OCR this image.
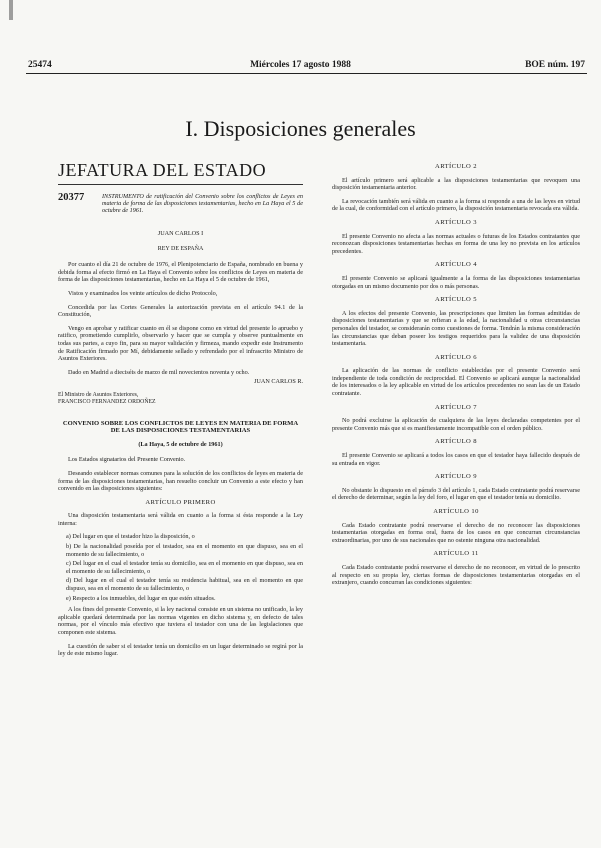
25474	Miércoles 17 agosto 1988	BOE núm. 197
I. Disposiciones generales

JEFATURA DEL ESTADO

20377	INSTRUMENTO de ratificación del Convenio sobre los conflictos de Leyes en materia de forma de las disposiciones testamentarias, hecho en La Haya el 5 de octubre de 1961.

JUAN CARLOS I

REY DE ESPAÑA

Por cuanto el día 21 de octubre de 1976, el Plenipotenciario de España, nombrado en buena y debida forma al efecto firmó en La Haya el Convenio sobre los conflictos de Leyes en materia de forma de las disposiciones testamentarias, hecho en La Haya el 5 de octubre de 1961,

Vistos y examinados los veinte artículos de dicho Protocolo,

Concedida por las Cortes Generales la autorización prevista en el artículo 94.1 de la Constitución,

Vengo en aprobar y ratificar cuanto en él se dispone como en virtud del presente lo apruebo y ratifico, prometiendo cumplirlo, observarlo y hacer que se cumpla y observe puntualmente en todas sus partes, a cuyo fin, para su mayor validación y firmeza, mando expedir este Instrumento de Ratificación firmado por Mí, debidamente sellado y refrendado por el infrascrito Ministro de Asuntos Exteriores.

Dado en Madrid a dieciséis de marzo de mil novecientos noventa y ocho.

JUAN CARLOS R.

El Ministro de Asuntos Exteriores,
FRANCISCO FERNANDEZ ORDOÑEZ

CONVENIO SOBRE LOS CONFLICTOS DE LEYES EN MATERIA DE FORMA DE LAS DISPOSICIONES TESTAMENTARIAS

(La Haya, 5 de octubre de 1961)

Los Estados signatarios del Presente Convenio.

Deseando establecer normas comunes para la solución de los conflictos de leyes en materia de forma de las disposiciones testamentarias, han resuelto concluir un Convenio a este efecto y han convenido en las disposiciones siguientes:

ARTÍCULO PRIMERO

Una disposición testamentaria será válida en cuanto a la forma si ésta responde a la Ley interna:

a) Del lugar en que el testador hizo la disposición, o

b) De la nacionalidad poseída por el testador, sea en el momento en que dispuso, sea en el momento de su fallecimiento, o

c) Del lugar en el cual el testador tenía su domicilio, sea en el momento en que dispuso, sea en el momento de su fallecimiento, o

d) Del lugar en el cual el testador tenía su residencia habitual, sea en el momento en que dispuso, sea en el momento de su fallecimiento, o

e) Respecto a los inmuebles, del lugar en que estén situados.

A los fines del presente Convenio, si la ley nacional consiste en un sistema no unificado, la ley aplicable quedará determinada por las normas vigentes en dicho sistema y, en defecto de tales normas, por el vínculo más efectivo que tuviera el testador con una de las legislaciones que componen este sistema.

La cuestión de saber si el testador tenía un domicilio en un lugar determinado se regirá por la ley de este mismo lugar.

ARTÍCULO 2

El artículo primero será aplicable a las disposiciones testamentarias que revoquen una disposición testamentaria anterior.

La revocación también será válida en cuanto a la forma si responde a una de las leyes en virtud de la cual, de conformidad con el artículo primero, la disposición testamentaria revocada era válida.

ARTÍCULO 3

El presente Convenio no afecta a las normas actuales o futuras de los Estados contratantes que reconozcan disposiciones testamentarias hechas en forma de una ley no prevista en los artículos precedentes.

ARTÍCULO 4

El presente Convenio se aplicará igualmente a la forma de las disposiciones testamentarias otorgadas en un mismo documento por dos o más personas.

ARTÍCULO 5

A los efectos del presente Convenio, las prescripciones que limiten las formas admitidas de disposiciones testamentarias y que se refieran a la edad, la nacionalidad u otras circunstancias personales del testador, se considerarán como cuestiones de forma. Tendrán la misma consideración las circunstancias que deban poseer los testigos requeridos para la validez de una disposición testamentaria.

ARTÍCULO 6

La aplicación de las normas de conflicto establecidas por el presente Convenio será independiente de toda condición de reciprocidad. El Convenio se aplicará aunque la nacionalidad de los interesados o la ley aplicable en virtud de los artículos precedentes no sean las de un Estado contratante.

ARTÍCULO 7

No podrá excluirse la aplicación de cualquiera de las leyes declaradas competentes por el presente Convenio más que si es manifiestamente incompatible con el orden público.

ARTÍCULO 8

El presente Convenio se aplicará a todos los casos en que el testador haya fallecido después de su entrada en vigor.

ARTÍCULO 9

No obstante lo dispuesto en el párrafo 3 del artículo 1, cada Estado contratante podrá reservarse el derecho de determinar, según la ley del foro, el lugar en que el testador tenía su domicilio.

ARTÍCULO 10

Cada Estado contratante podrá reservarse el derecho de no reconocer las disposiciones testamentarias otorgadas en forma oral, fuera de los casos en que concurran circunstancias extraordinarias, por uno de sus nacionales que no ostente ninguna otra nacionalidad.

ARTÍCULO 11

Cada Estado contratante podrá reservarse el derecho de no reconocer, en virtud de lo prescrito al respecto en su propia ley, ciertas formas de disposiciones testamentarias otorgadas en el extranjero, cuando concurran las condiciones siguientes:
